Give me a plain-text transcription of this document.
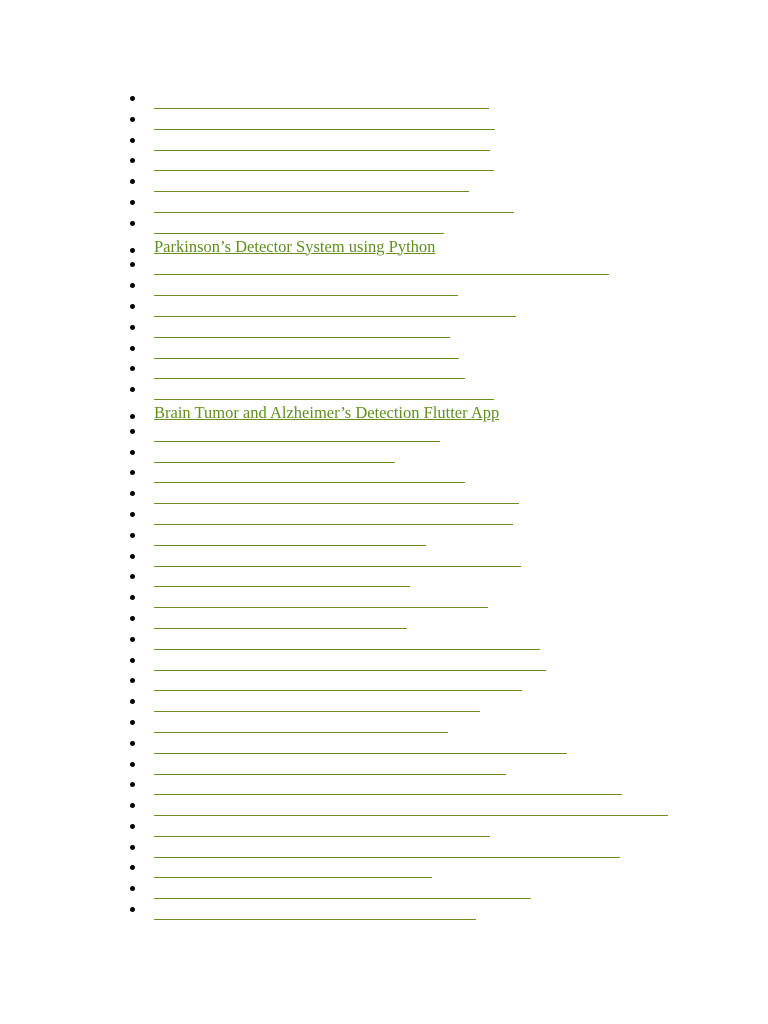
Parkinson’s Detector System using Python
Brain Tumor and Alzheimer’s Detection Flutter App
